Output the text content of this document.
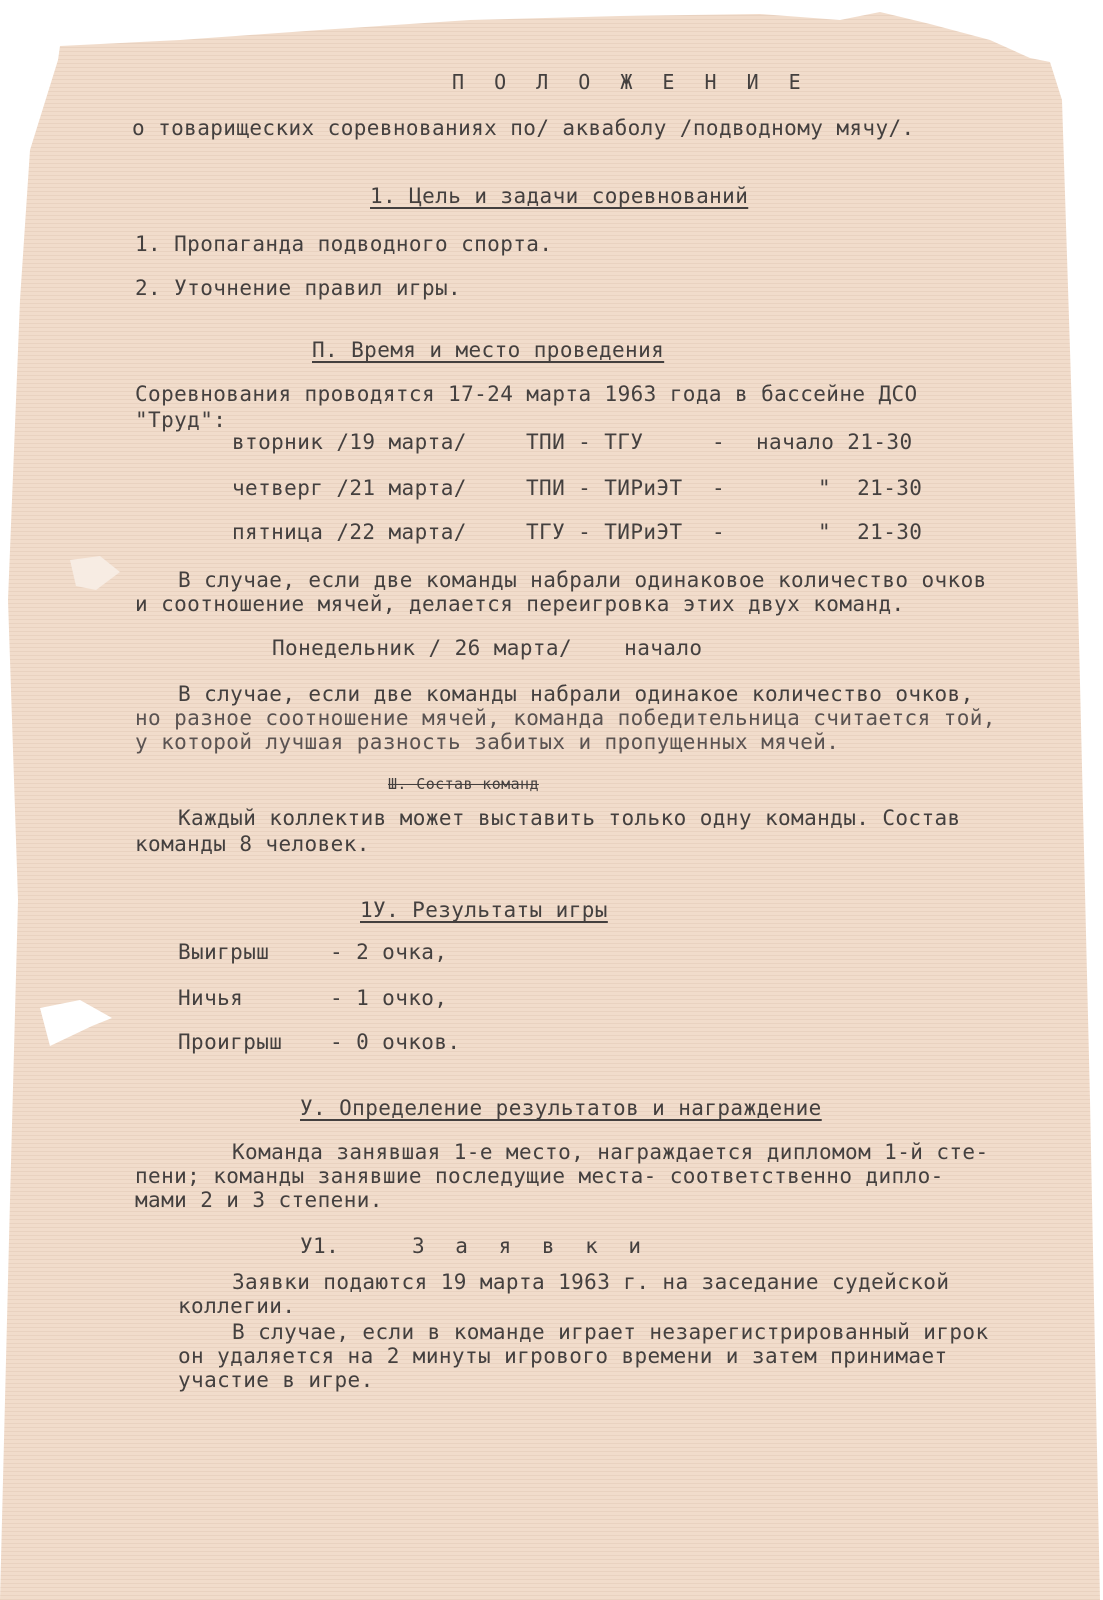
П О Л О Ж Е Н И Е
о товарищеских соревнованиях по/ акваболу /подводному мячу/.
1. Цель и задачи соревнований
1. Пропаганда подводного спорта.
2. Уточнение правил игры.
П. Время и место проведения
Соревнования проводятся 17-24 марта 1963 года в бассейне ДСО
"Труд":
вторник /19 марта/	ТПИ - ТГУ	- начало 21-30
четверг /21 марта/	ТПИ - ТИРиЭТ -	"  21-30
пятница /22 марта/	ТГУ - ТИРиЭТ -	"  21-30
В случае, если две команды набрали одинаковое количество очков
и соотношение мячей, делается переигровка этих двух команд.
Понедельник / 26 марта/    начало
В случае, если две команды набрали одинакое количество очков,
но разное соотношение мячей, команда победительница считается той,
у которой лучшая разность забитых и пропущенных мячей.
Ш. Состав команд
Каждый коллектив может выставить только одну команды. Состав
команды 8 человек.
1У. Результаты игры
Выигрыш	- 2 очка,
Ничья	- 1 очко,
Проигрыш - 0 очков.
У. Определение результатов и награждение
Команда занявшая 1-е место, награждается дипломом 1-й сте-
пени; команды занявшие последущие места- соответственно дипло-
мами 2 и 3 степени.
У1.	З а я в к и
Заявки подаются 19 марта 1963 г. на заседание судейской
коллегии.
В случае, если в команде играет незарегистрированный игрок
он удаляется на 2 минуты игрового времени и затем принимает
участие в игре.
